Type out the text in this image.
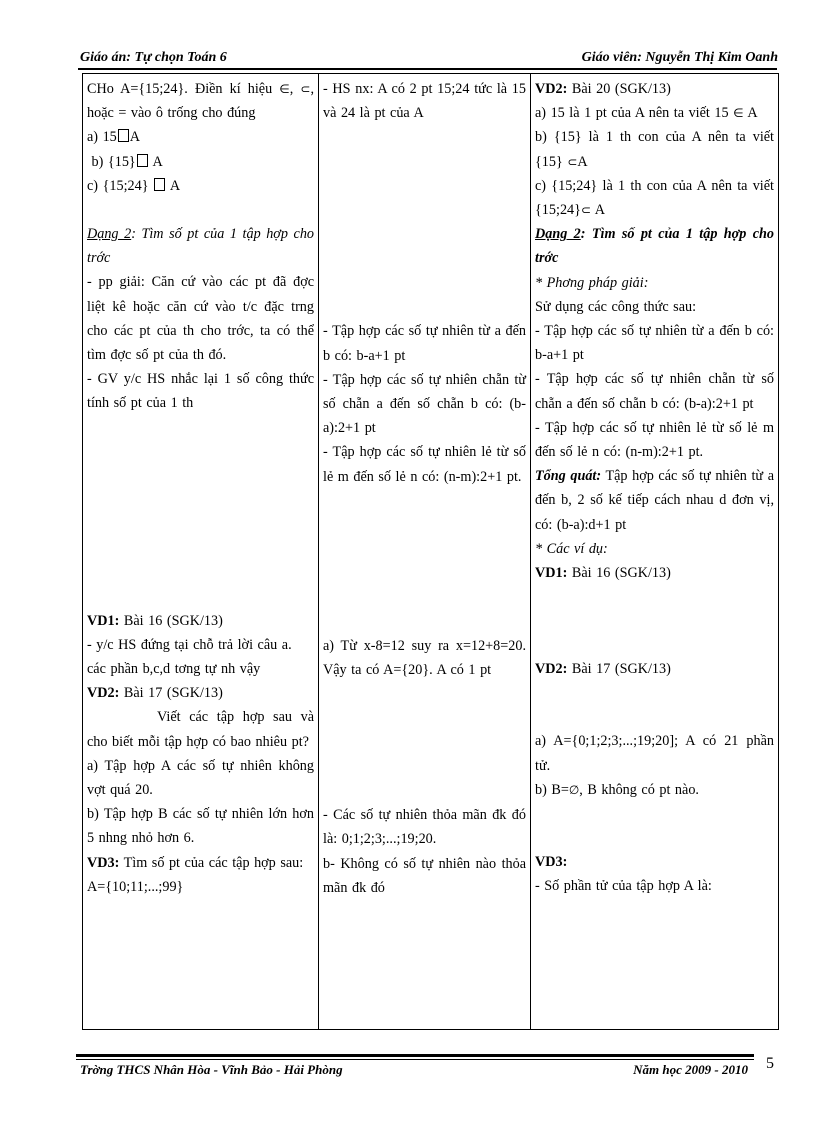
Giáo án: Tự chọn Toán 6	Giáo viên: Nguyễn Thị Kim Oanh
CHo A={15;24}. Điền kí hiệu ∈, ⊂, hoặc = vào ô trống cho đúng
a) 15 A
b) {15} A
c) {15;24} A
Dạng 2: Tìm số pt của 1 tập hợp cho trớc
- pp giải: Căn cứ vào các pt đã đợc liệt kê hoặc căn cứ vào t/c đặc trng cho các pt của th cho trớc, ta có thể tìm đợc số pt của th đó.
- GV y/c HS nhắc lại 1 số công thức tính số pt của 1 th
VD1: Bài 16 (SGK/13)
- y/c HS đứng tại chỗ trả lời câu a.
các phần b,c,d tơng tự nh vậy
VD2: Bài 17 (SGK/13)
Viết các tập hợp sau và cho biết mỗi tập hợp có bao nhiêu pt?
a) Tập hợp A các số tự nhiên không vợt quá 20.
b) Tập hợp B các số tự nhiên lớn hơn 5 nhng nhỏ hơn 6.
VD3: Tìm số pt của các tập hợp sau:
A={10;11;...;99}

- HS nx: A có 2 pt 15;24 tức là 15 và 24 là pt của A
- Tập hợp các số tự nhiên từ a đến b có: b-a+1 pt
- Tập hợp các số tự nhiên chẵn từ số chẵn a đến số chẵn b có: (b-a):2+1 pt
- Tập hợp các số tự nhiên lẻ từ số lẻ m đến số lẻ n có: (n-m):2+1 pt.
a) Từ x-8=12 suy ra x=12+8=20. Vậy ta có A={20}. A có 1 pt
- Các số tự nhiên thỏa mãn đk đó là: 0;1;2;3;...;19;20.
b- Không có số tự nhiên nào thỏa mãn đk đó

VD2: Bài 20 (SGK/13)
a) 15 là 1 pt của A nên ta viết 15 ∈ A
b) {15} là 1 th con của A nên ta viết {15} ⊂A
c) {15;24} là 1 th con của A nên ta viết {15;24}⊂ A
Dạng 2: Tìm số pt của 1 tập hợp cho trớc
* Phơng pháp giải:
Sử dụng các công thức sau:
- Tập hợp các số tự nhiên từ a đến b có: b-a+1 pt
- Tập hợp các số tự nhiên chẵn từ số chẵn a đến số chẵn b có: (b-a):2+1 pt
- Tập hợp các số tự nhiên lẻ từ số lẻ m đến số lẻ n có: (n-m):2+1 pt.
Tổng quát: Tập hợp các số tự nhiên từ a đến b, 2 số kế tiếp cách nhau d đơn vị, có: (b-a):d+1 pt
* Các ví dụ:
VD1: Bài 16 (SGK/13)
VD2: Bài 17 (SGK/13)
a) A={0;1;2;3;...;19;20]; A có 21 phần tử.
b) B=∅, B không có pt nào.
VD3:
- Số phần tử của tập hợp A là:
Trờng THCS Nhân Hòa - Vĩnh Bảo - Hải Phòng	Năm học 2009 - 2010 5
